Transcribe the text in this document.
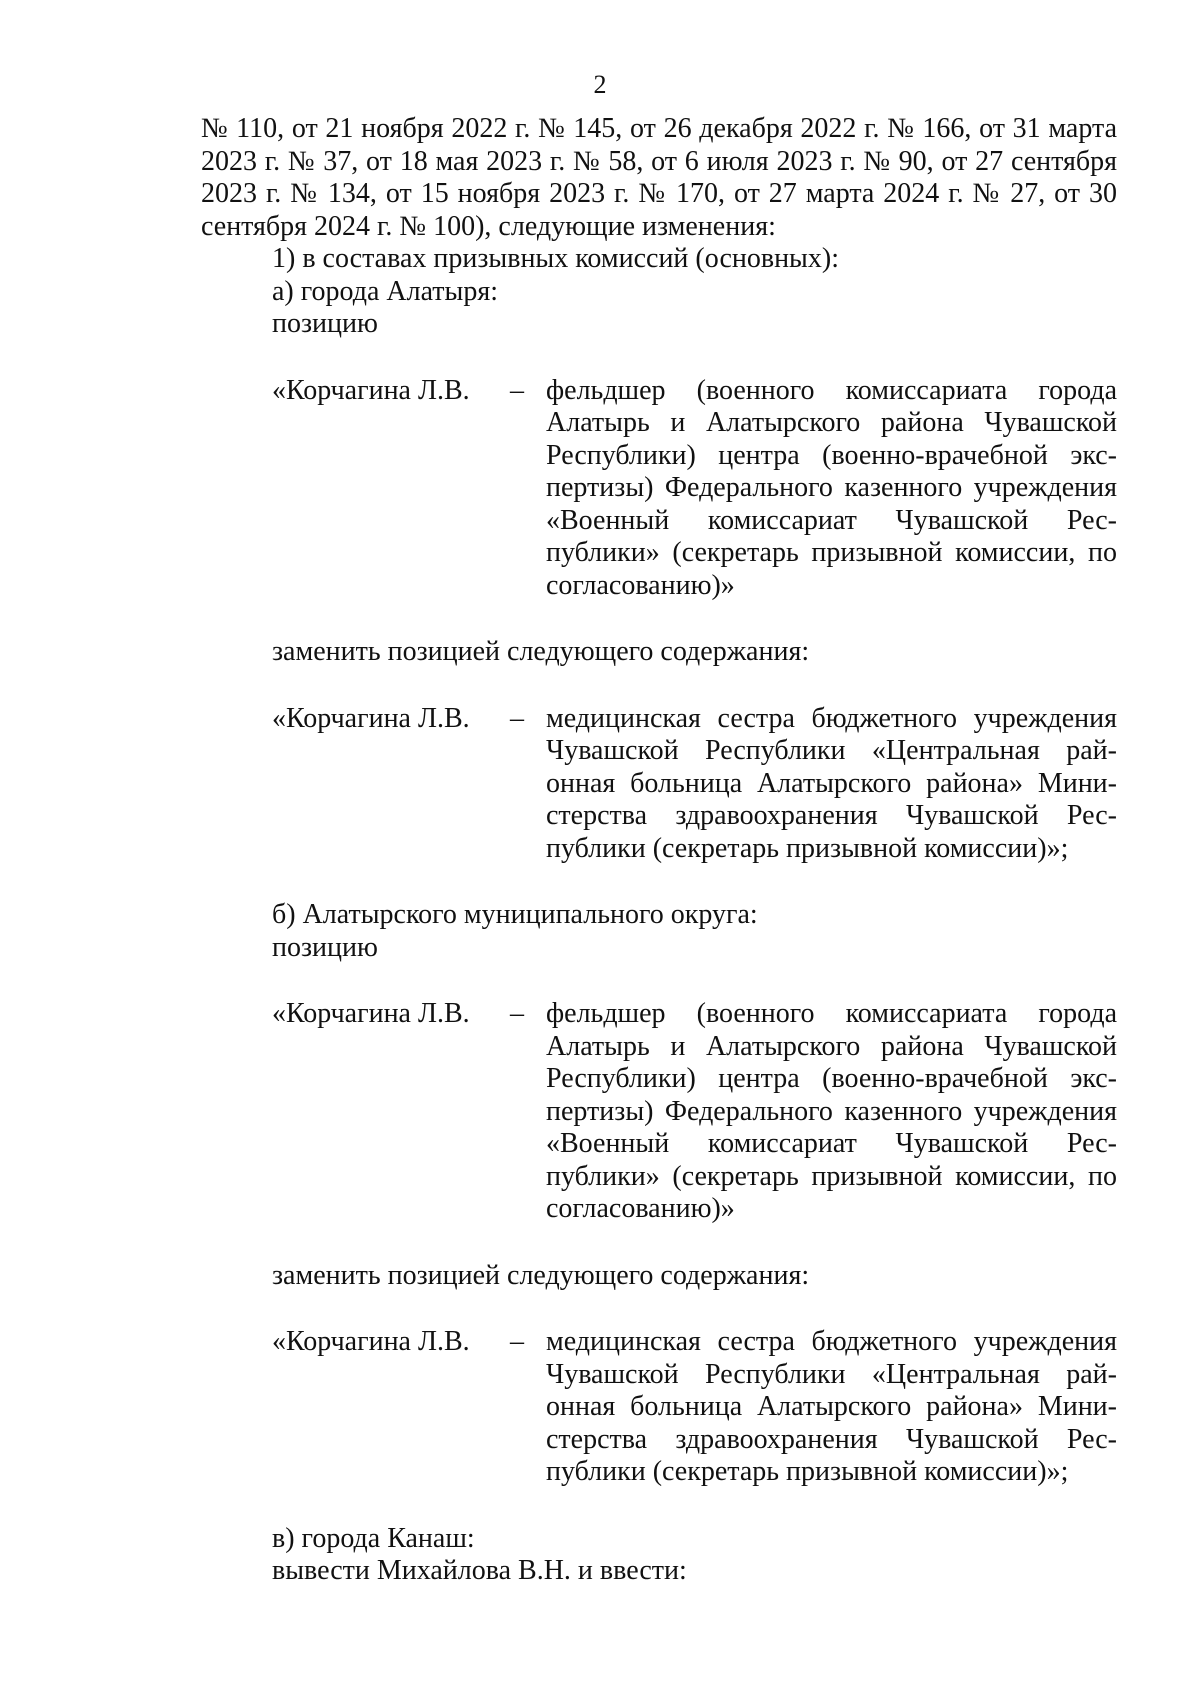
2

№ 110, от 21 ноября 2022 г. № 145, от 26 декабря 2022 г. № 166, от 31 марта 2023 г. № 37, от 18 мая 2023 г. № 58, от 6 июля 2023 г. № 90, от 27 сентября 2023 г. № 134, от 15 ноября 2023 г. № 170, от 27 марта 2024 г. № 27, от 30 сентября 2024 г. № 100), следующие изменения:

1) в составах призывных комиссий (основных):

а) города Алатыря:

позицию

«Корчагина Л.В.	– фельдшер (военного комиссариата города Алатырь и Алатырского района Чувашской Республики) центра (военно-врачебной экспертизы) Федерального казенного учреждения «Военный комиссариат Чувашской Республики» (секретарь призывной комиссии, по согласованию)»

заменить позицией следующего содержания:

«Корчагина Л.В.	– медицинская сестра бюджетного учреждения Чувашской Республики «Центральная районная больница Алатырского района» Министерства здравоохранения Чувашской Республики (секретарь призывной комиссии)»;

б) Алатырского муниципального округа:

позицию

«Корчагина Л.В.	– фельдшер (военного комиссариата города Алатырь и Алатырского района Чувашской Республики) центра (военно-врачебной экспертизы) Федерального казенного учреждения «Военный комиссариат Чувашской Республики» (секретарь призывной комиссии, по согласованию)»

заменить позицией следующего содержания:

«Корчагина Л.В.	– медицинская сестра бюджетного учреждения Чувашской Республики «Центральная районная больница Алатырского района» Министерства здравоохранения Чувашской Республики (секретарь призывной комиссии)»;

в) города Канаш:

вывести Михайлова В.Н. и ввести:
